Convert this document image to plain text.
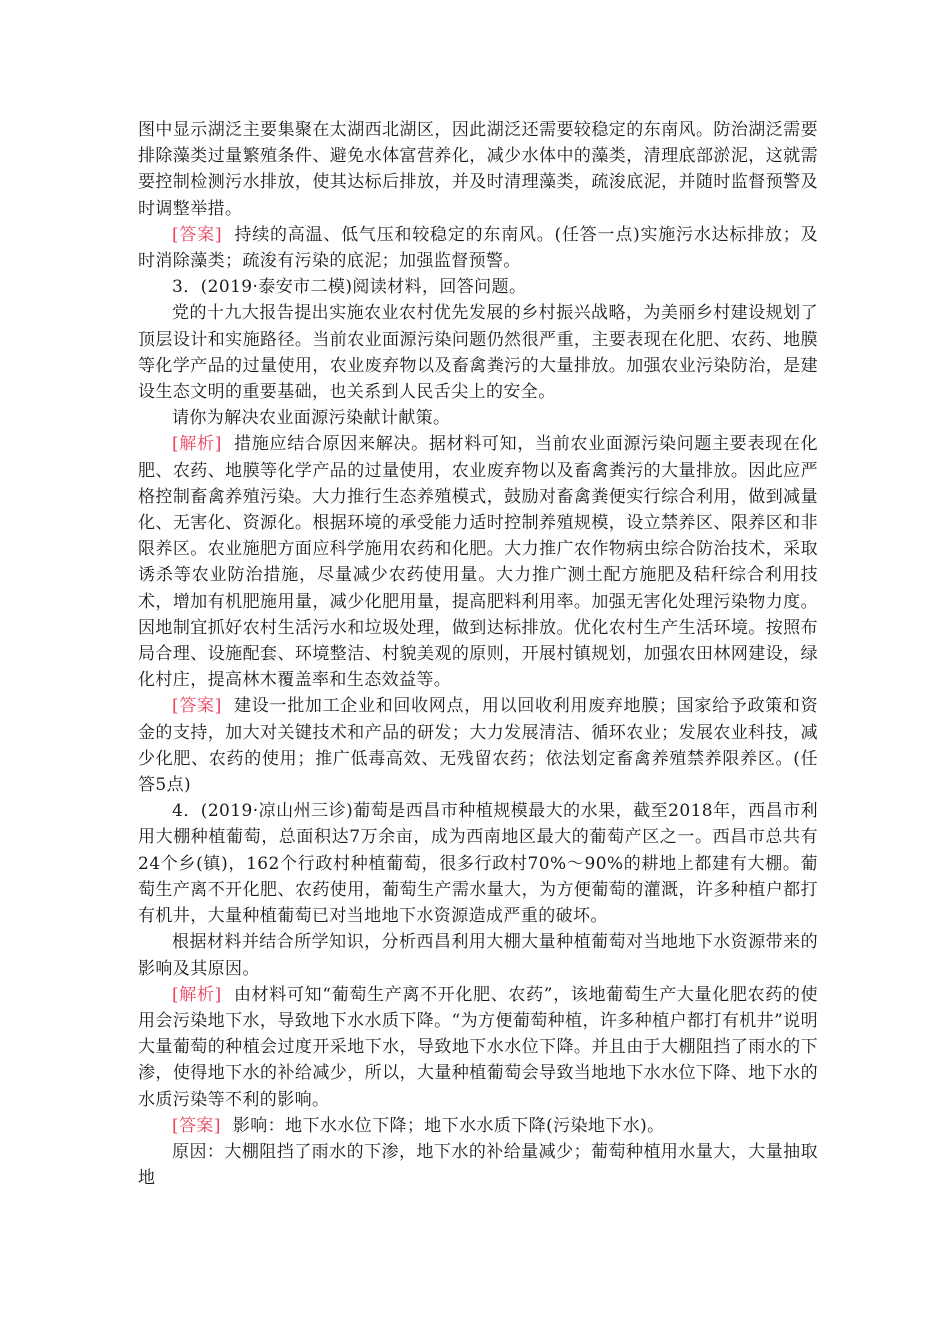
图中显示湖泛主要集聚在太湖西北湖区，因此湖泛还需要较稳定的东南风。防治湖泛需要排除藻类过量繁殖条件、避免水体富营养化，减少水体中的藻类，清理底部淤泥，这就需要控制检测污水排放，使其达标后排放，并及时清理藻类，疏浚底泥，并随时监督预警及时调整举措。

[答案] 持续的高温、低气压和较稳定的东南风。(任答一点)实施污水达标排放；及时消除藻类；疏浚有污染的底泥；加强监督预警。

3．(2019·泰安市二模)阅读材料，回答问题。

党的十九大报告提出实施农业农村优先发展的乡村振兴战略，为美丽乡村建设规划了顶层设计和实施路径。当前农业面源污染问题仍然很严重，主要表现在化肥、农药、地膜等化学产品的过量使用，农业废弃物以及畜禽粪污的大量排放。加强农业污染防治，是建设生态文明的重要基础，也关系到人民舌尖上的安全。

请你为解决农业面源污染献计献策。

[解析] 措施应结合原因来解决。据材料可知，当前农业面源污染问题主要表现在化肥、农药、地膜等化学产品的过量使用，农业废弃物以及畜禽粪污的大量排放。因此应严格控制畜禽养殖污染。大力推行生态养殖模式，鼓励对畜禽粪便实行综合利用，做到减量化、无害化、资源化。根据环境的承受能力适时控制养殖规模，设立禁养区、限养区和非限养区。农业施肥方面应科学施用农药和化肥。大力推广农作物病虫综合防治技术，采取诱杀等农业防治措施，尽量减少农药使用量。大力推广测土配方施肥及秸秆综合利用技术，增加有机肥施用量，减少化肥用量，提高肥料利用率。加强无害化处理污染物力度。因地制宜抓好农村生活污水和垃圾处理，做到达标排放。优化农村生产生活环境。按照布局合理、设施配套、环境整洁、村貌美观的原则，开展村镇规划，加强农田林网建设，绿化村庄，提高林木覆盖率和生态效益等。

[答案] 建设一批加工企业和回收网点，用以回收利用废弃地膜；国家给予政策和资金的支持，加大对关键技术和产品的研发；大力发展清洁、循环农业；发展农业科技，减少化肥、农药的使用；推广低毒高效、无残留农药；依法划定畜禽养殖禁养限养区。(任答5点)

4．(2019·凉山州三诊)葡萄是西昌市种植规模最大的水果，截至2018年，西昌市利用大棚种植葡萄，总面积达7万余亩，成为西南地区最大的葡萄产区之一。西昌市总共有24个乡(镇)，162个行政村种植葡萄，很多行政村70%～90%的耕地上都建有大棚。葡萄生产离不开化肥、农药使用，葡萄生产需水量大，为方便葡萄的灌溉，许多种植户都打有机井，大量种植葡萄已对当地地下水资源造成严重的破坏。

根据材料并结合所学知识，分析西昌利用大棚大量种植葡萄对当地地下水资源带来的影响及其原因。

[解析] 由材料可知“葡萄生产离不开化肥、农药”，该地葡萄生产大量化肥农药的使用会污染地下水，导致地下水水质下降。“为方便葡萄种植，许多种植户都打有机井”说明大量葡萄的种植会过度开采地下水，导致地下水水位下降。并且由于大棚阻挡了雨水的下渗，使得地下水的补给减少，所以，大量种植葡萄会导致当地地下水水位下降、地下水的水质污染等不利的影响。

[答案] 影响：地下水水位下降；地下水水质下降(污染地下水)。

原因：大棚阻挡了雨水的下渗，地下水的补给量减少；葡萄种植用水量大，大量抽取地
